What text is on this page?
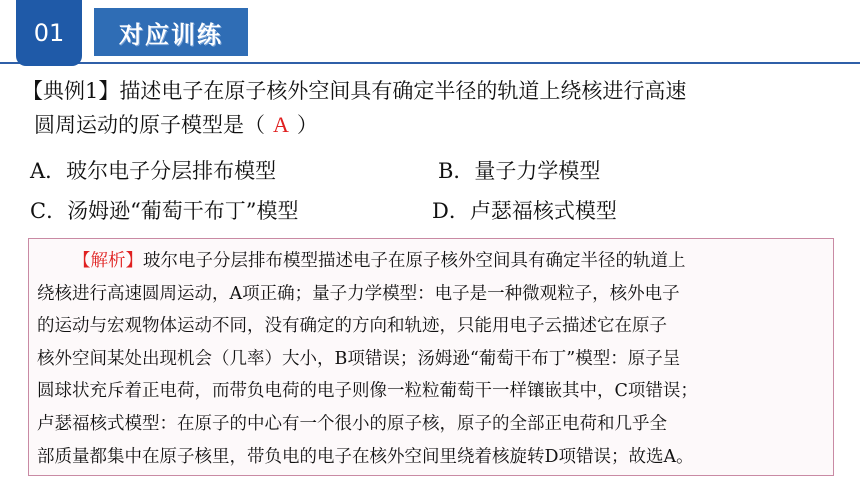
01	对应训练
【典例1】描述电子在原子核外空间具有确定半径的轨道上绕核进行高速
圆周运动的原子模型是（ A ）
A．玻尔电子分层排布模型	B．量子力学模型
C．汤姆逊“葡萄干布丁”模型	D．卢瑟福核式模型
【解析】玻尔电子分层排布模型描述电子在原子核外空间具有确定半径的轨道上
绕核进行高速圆周运动，A项正确；量子力学模型：电子是一种微观粒子，核外电子
的运动与宏观物体运动不同，没有确定的方向和轨迹，只能用电子云描述它在原子
核外空间某处出现机会（几率）大小，B项错误；汤姆逊“葡萄干布丁”模型：原子呈
圆球状充斥着正电荷，而带负电荷的电子则像一粒粒葡萄干一样镶嵌其中，C项错误；
卢瑟福核式模型：在原子的中心有一个很小的原子核，原子的全部正电荷和几乎全
部质量都集中在原子核里，带负电的电子在核外空间里绕着核旋转D项错误；故选A。
